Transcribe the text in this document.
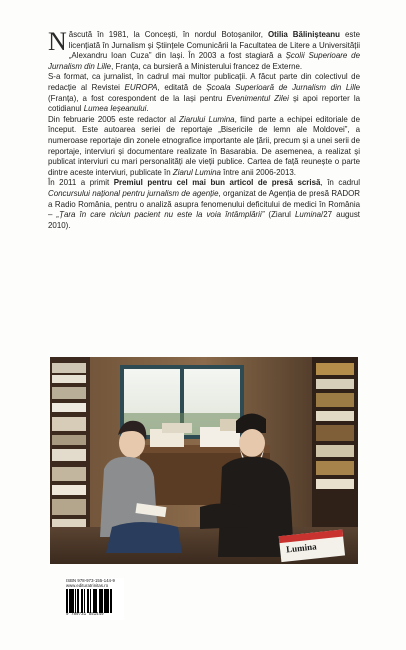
Născută în 1981, la Concești, în nordul Botoșanilor, Otilia Bălinișteanu este licențiată în Jurnalism și Științele Comunicării la Facultatea de Litere a Universității „Alexandru Ioan Cuza” din Iași. În 2003 a fost stagiară a Școlii Superioare de Jurnalism din Lille, Franța, ca bursieră a Ministerului francez de Externe.

S-a format, ca jurnalist, în cadrul mai multor publicații. A făcut parte din colectivul de redacție al Revistei EUROPA, editată de Școala Superioară de Jurnalism din Lille (Franța), a fost corespondent de la Iași pentru Evenimentul Zilei și apoi reporter la cotidianul Lumea Ieșeanului.

Din februarie 2005 este redactor al Ziarului Lumina, fiind parte a echipei editoriale de început. Este autoarea seriei de reportaje „Bisericile de lemn ale Moldovei”, a numeroase reportaje din zonele etnografice importante ale țării, precum și a unei serii de reportaje, interviuri și documentare realizate în Basarabia. De asemenea, a realizat și publicat interviuri cu mari personalități ale vieții publice. Cartea de față reunește o parte dintre aceste interviuri, publicate în Ziarul Lumina între anii 2006-2013.

În 2011 a primit Premiul pentru cel mai bun articol de presă scrisă, în cadrul Concursului național pentru jurnalism de agenție, organizat de Agenția de presă RADOR a Radio România, pentru o analiză asupra fenomenului deficitului de medici în România – „Țara în care niciun pacient nu este la voia întâmplării” (Ziarul Lumina/27 august 2010).

Lumina
ISBN 978-973-155-144-9
www.edituratrinitas.ro
9 789731 551449
